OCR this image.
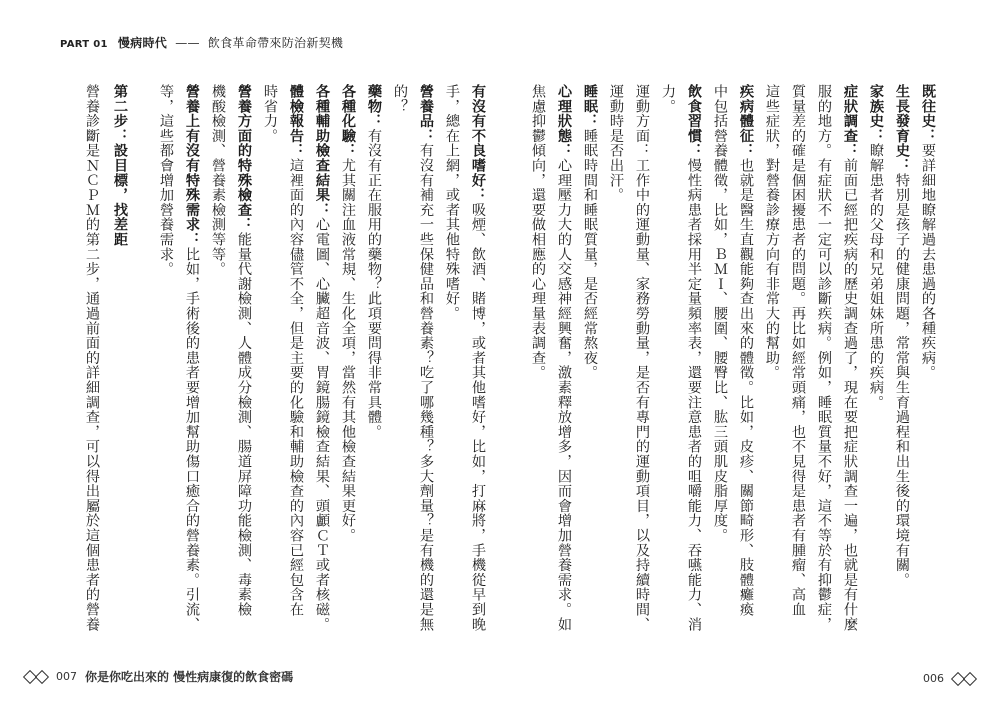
PART 01 慢病時代 —— 飲食革命帶來防治新契機
有沒有不良嗜好：吸煙、飲酒、賭博，或者其他嗜好，比如，打麻將，手機從早到晚
手，總在上網，或者其他特殊嗜好。
營養品：有沒有補充一些保健品和營養素？吃了哪幾種？多大劑量？是有機的還是無
的？
藥物：有沒有正在服用的藥物？此項要問得非常具體。
各種化驗：尤其關注血液常規、生化全項，當然有其他檢查結果更好。
各種輔助檢查結果：心電圖、心臟超音波、胃鏡腸鏡檢查結果、頭顱ＣＴ或者核磁。
體檢報告：這裡面的內容儘管不全，但是主要的化驗和輔助檢查的內容已經包含在
時省力。
營養方面的特殊檢查：能量代謝檢測、人體成分檢測、腸道屏障功能檢測、毒素檢
機酸檢測、營養素檢測等等。
營養上有沒有特殊需求：比如，手術後的患者要增加幫助傷口癒合的營養素。引流、
等，這些都會增加營養需求。
第二步：設目標，找差距
營養診斷是ＮＣＰＭ的第二步，通過前面的詳細調查，可以得出屬於這個患者的營養
既往史：要詳細地瞭解過去患過的各種疾病。
生長發育史：特別是孩子的健康問題，常常與生育過程和出生後的環境有關。
家族史：瞭解患者的父母和兄弟姐妹所患的疾病。
症狀調查：前面已經把疾病的歷史調查過了，現在要把症狀調查一遍，也就是有什麼
服的地方。有症狀不一定可以診斷疾病。例如，睡眠質量不好，這不等於有抑鬱症，
質量差的確是個困擾患者的問題。再比如經常頭痛，也不見得是患者有腫瘤、高血
這些症狀，對營養診療方向有非常大的幫助。
疾病體征：也就是醫生直觀能夠查出來的體徵。比如，皮疹、關節畸形、肢體癱瘓
中包括營養體徵，比如，ＢＭＩ、腰圍、腰臀比、肱三頭肌皮脂厚度。
飲食習慣：慢性病患者採用半定量頻率表，還要注意患者的咀嚼能力、吞嚥能力、消
力。
運動方面：工作中的運動量、家務勞動量，是否有專門的運動項目，以及持續時間、
運動時是否出汗。
睡眠：睡眠時間和睡眠質量，是否經常熬夜。
心理狀態：心理壓力大的人交感神經興奮，激素釋放增多，因而會增加營養需求。如
焦慮抑鬱傾向，還要做相應的心理量表調查。
007 你是你吃出來的 慢性病康復的飲食密碼	006
